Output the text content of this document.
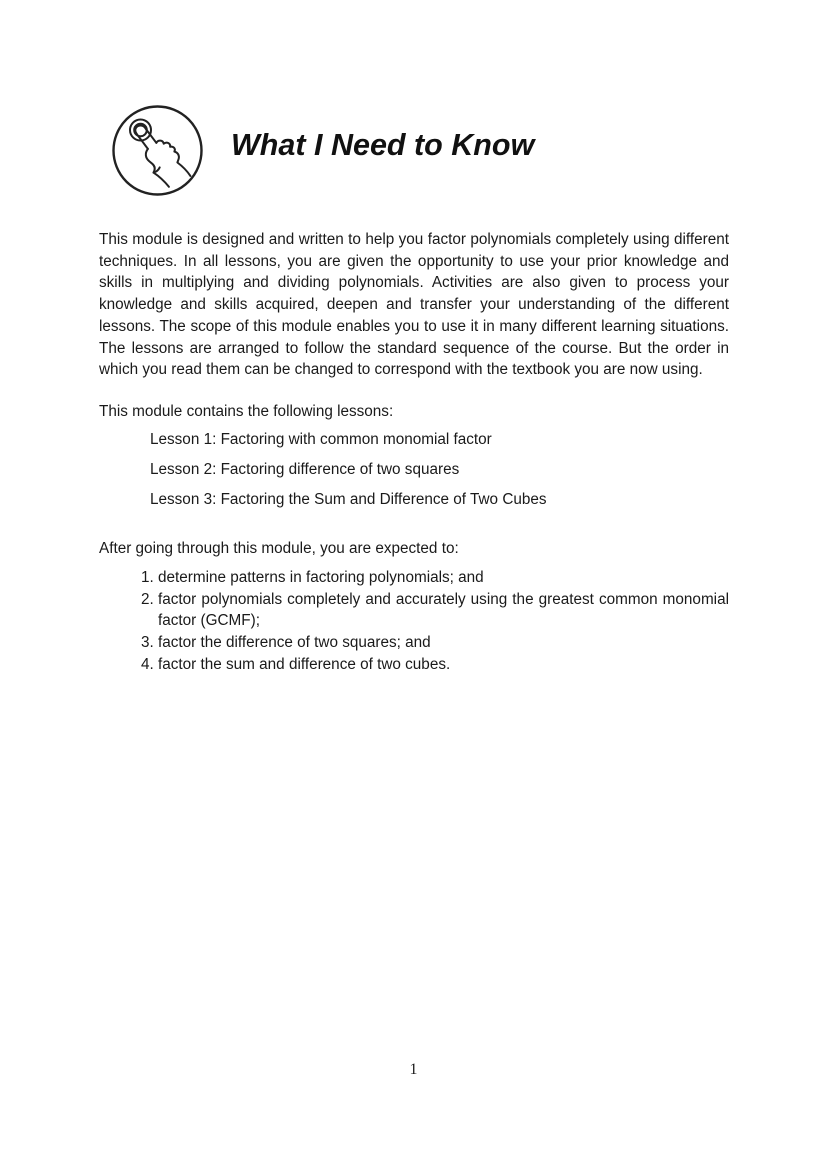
What I Need to Know

This module is designed and written to help you factor polynomials completely using different techniques. In all lessons, you are given the opportunity to use your prior knowledge and skills in multiplying and dividing polynomials. Activities are also given to process your knowledge and skills acquired, deepen and transfer your understanding of the different lessons. The scope of this module enables you to use it in many different learning situations. The lessons are arranged to follow the standard sequence of the course. But the order in which you read them can be changed to correspond with the textbook you are now using.

This module contains the following lessons:

Lesson 1: Factoring with common monomial factor
Lesson 2: Factoring difference of two squares
Lesson 3: Factoring the Sum and Difference of Two Cubes

After going through this module, you are expected to:

1. determine patterns in factoring polynomials; and
2. factor polynomials completely and accurately using the greatest common monomial factor (GCMF);
3. factor the difference of two squares; and
4. factor the sum and difference of two cubes.
1
